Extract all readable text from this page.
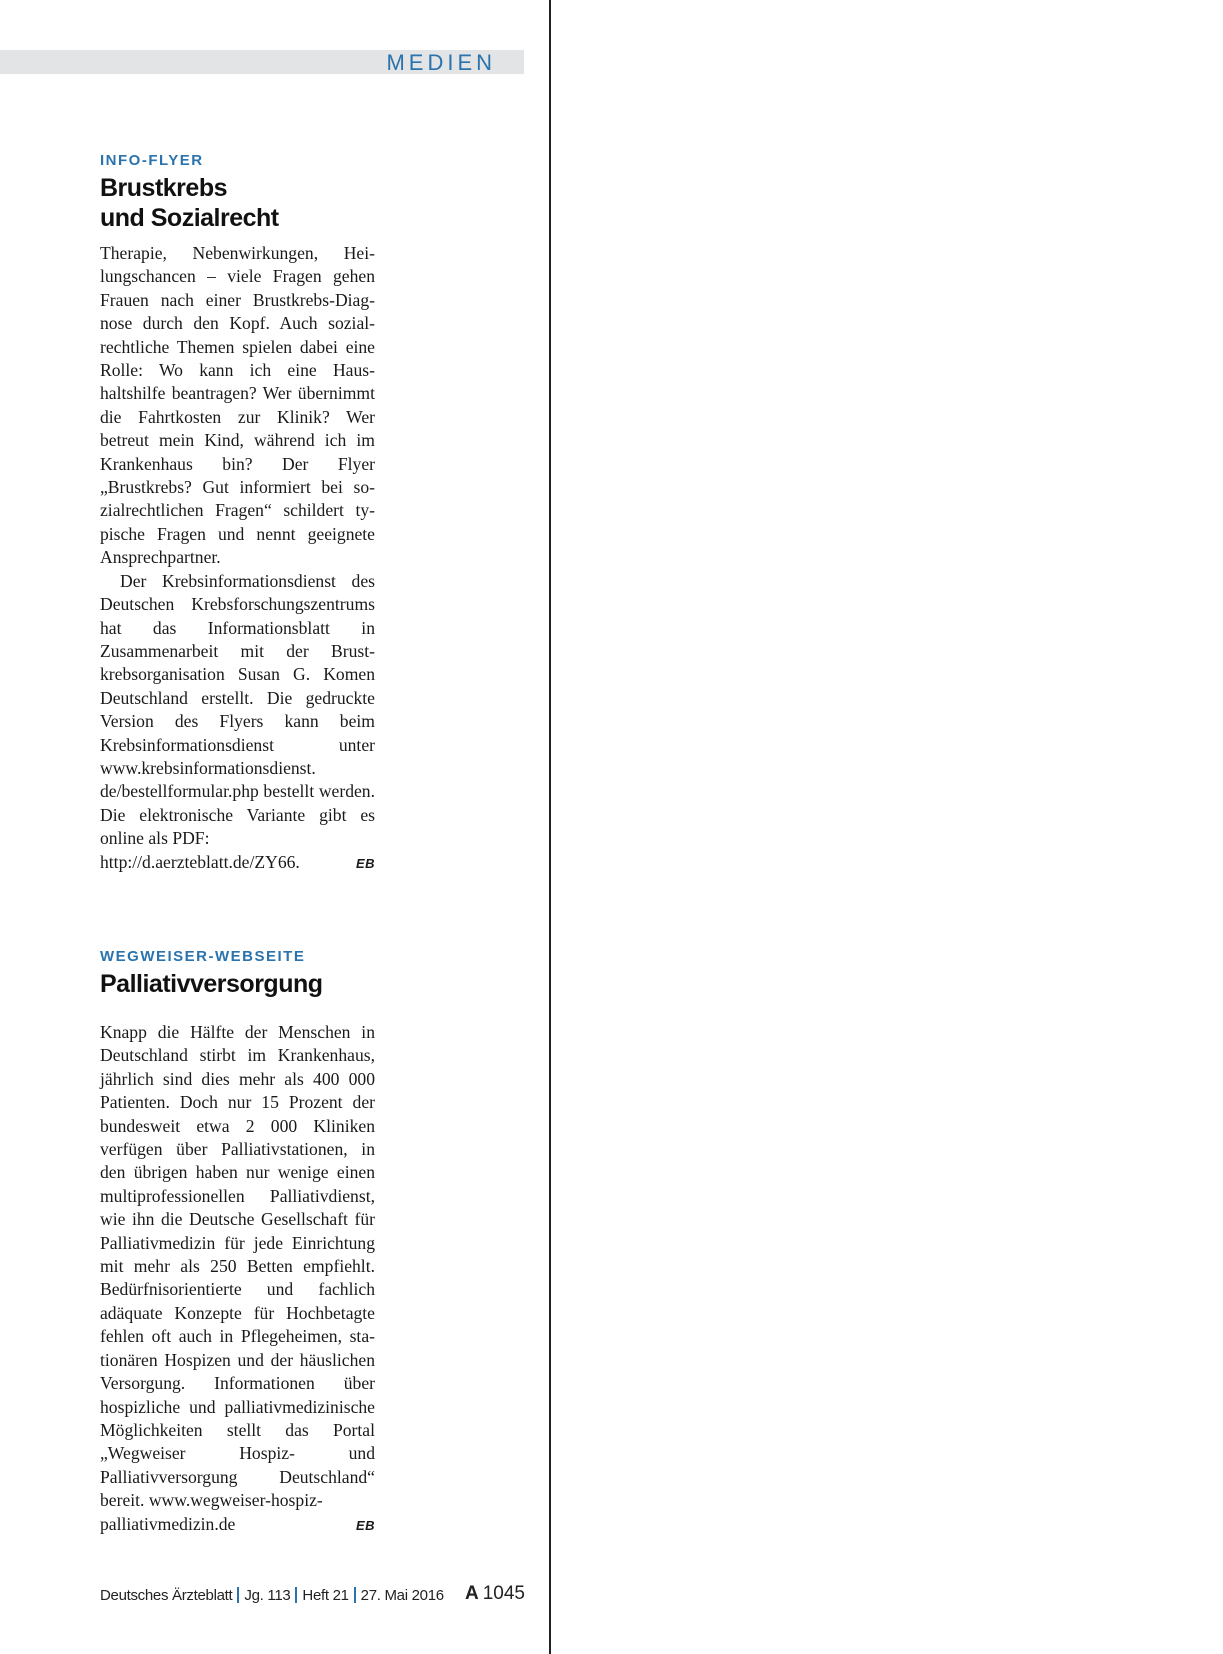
MEDIEN

INFO-FLYER

Brustkrebs
und Sozialrecht

Therapie, Nebenwirkungen, Heilungschancen – viele Fragen gehen Frauen nach einer Brustkrebs-Diagnose durch den Kopf. Auch sozialrechtliche Themen spielen dabei eine Rolle: Wo kann ich eine Haushaltshilfe beantragen? Wer übernimmt die Fahrtkosten zur Klinik? Wer betreut mein Kind, während ich im Krankenhaus bin? Der Flyer „Brustkrebs? Gut informiert bei sozialrechtlichen Fragen“ schildert typische Fragen und nennt geeignete Ansprechpartner.

Der Krebsinformationsdienst des Deutschen Krebsforschungszentrums hat das Informationsblatt in Zusammenarbeit mit der Brustkrebsorganisation Susan G. Komen Deutschland erstellt. Die gedruckte Version des Flyers kann beim Krebsinformationsdienst unter www.krebsinformationsdienst.​de/bestellformular.php bestellt werden. Die elektronische Variante gibt es online als PDF:

http://d.aerzteblatt.de/ZY66.	EB

WEGWEISER-WEBSEITE

Palliativversorgung

Knapp die Hälfte der Menschen in Deutschland stirbt im Krankenhaus, jährlich sind dies mehr als 400 000 Patienten. Doch nur 15 Prozent der bundesweit etwa 2 000 Kliniken verfügen über Palliativstationen, in den übrigen haben nur wenige einen multiprofessionellen Palliativdienst, wie ihn die Deutsche Gesellschaft für Palliativmedizin für jede Einrichtung mit mehr als 250 Betten empfiehlt. Bedürfnisorientierte und fachlich adäquate Konzepte für Hochbetagte fehlen oft auch in Pflegeheimen, stationären Hospizen und der häuslichen Versorgung. Informationen über hospizliche und palliativmedizinische Möglichkeiten stellt das Portal „Wegweiser Hospiz- und Palliativversorgung Deutschland“ bereit. www.wegweiser-hospiz-

palliativmedizin.de	EB
Deutsches Ärzteblatt Jg. 113 Heft 21 27. Mai 2016 A 1045
